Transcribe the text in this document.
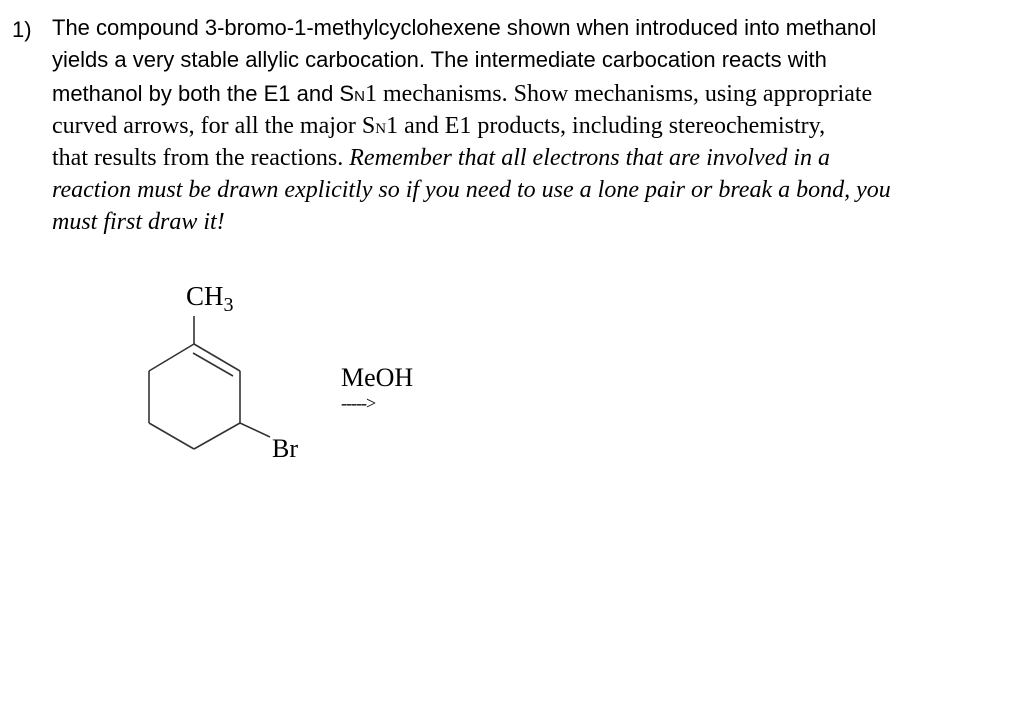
1) The compound 3-bromo-1-methylcyclohexene shown when introduced into methanol
yields a very stable allylic carbocation. The intermediate carbocation reacts with
methanol by both the E1 and SN1 mechanisms. Show mechanisms, using appropriate
curved arrows, for all the major SN1 and E1 products, including stereochemistry,
that results from the reactions. Remember that all electrons that are involved in a
reaction must be drawn explicitly so if you need to use a lone pair or break a bond, you
must first draw it!
$CH_3$
Br
MeOH
----->
